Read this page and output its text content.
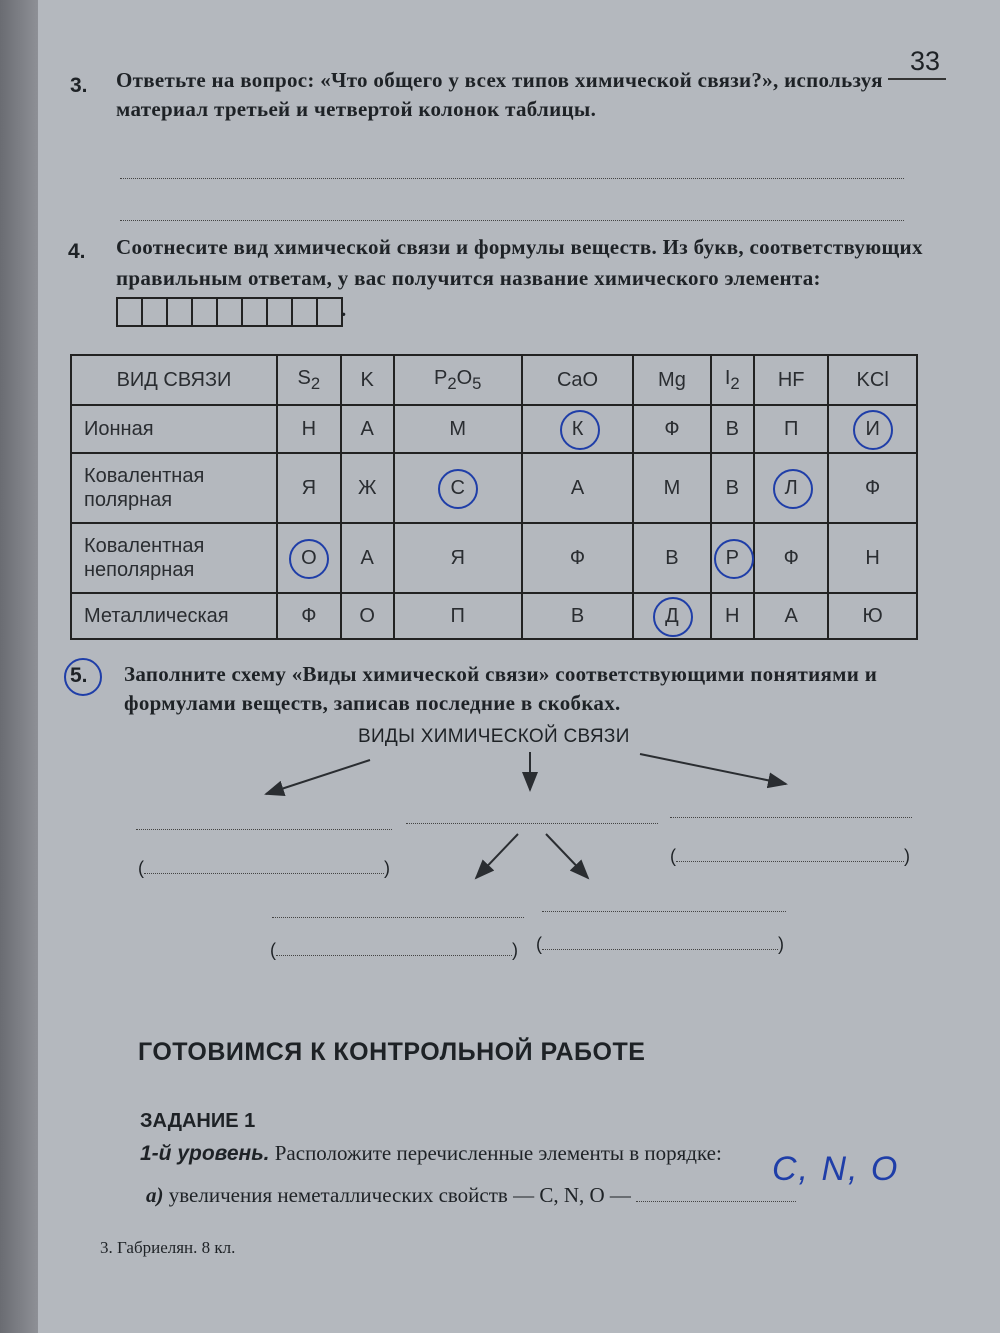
33
3. Ответьте на вопрос: «Что общего у всех типов химической связи?», используя материал третьей и четвертой колонок таблицы.
4. Соотнесите вид химической связи и формулы веществ. Из букв, соответствующих правильным ответам, у вас получится название химического элемента: .
ВИД СВЯЗИ	$S_2$	K	$P_2O_5$	CaO	Mg	$I_2$	HF	KCl
Ионная	Н	А	М	К	Ф	В	П	И
Ковалентная полярная	Я	Ж	С	А	М	В	Л	Ф
Ковалентная неполярная	О	А	Я	Ф	В	Р	Ф	Н
Металлическая	Ф	О	П	В	Д	Н	А	Ю
5. Заполните схему «Виды химической связи» соответствующими понятиями и формулами веществ, записав последние в скобках.
ВИДЫ ХИМИЧЕСКОЙ СВЯЗИ
(	)
(	)
(	) (	)
ГОТОВИМСЯ К КОНТРОЛЬНОЙ РАБОТЕ
ЗАДАНИЕ 1
1-й уровень. Расположите перечисленные элементы в порядке:
а) увеличения неметаллических свойств — C, N, O —
C, N, O
3. Габриелян. 8 кл.
